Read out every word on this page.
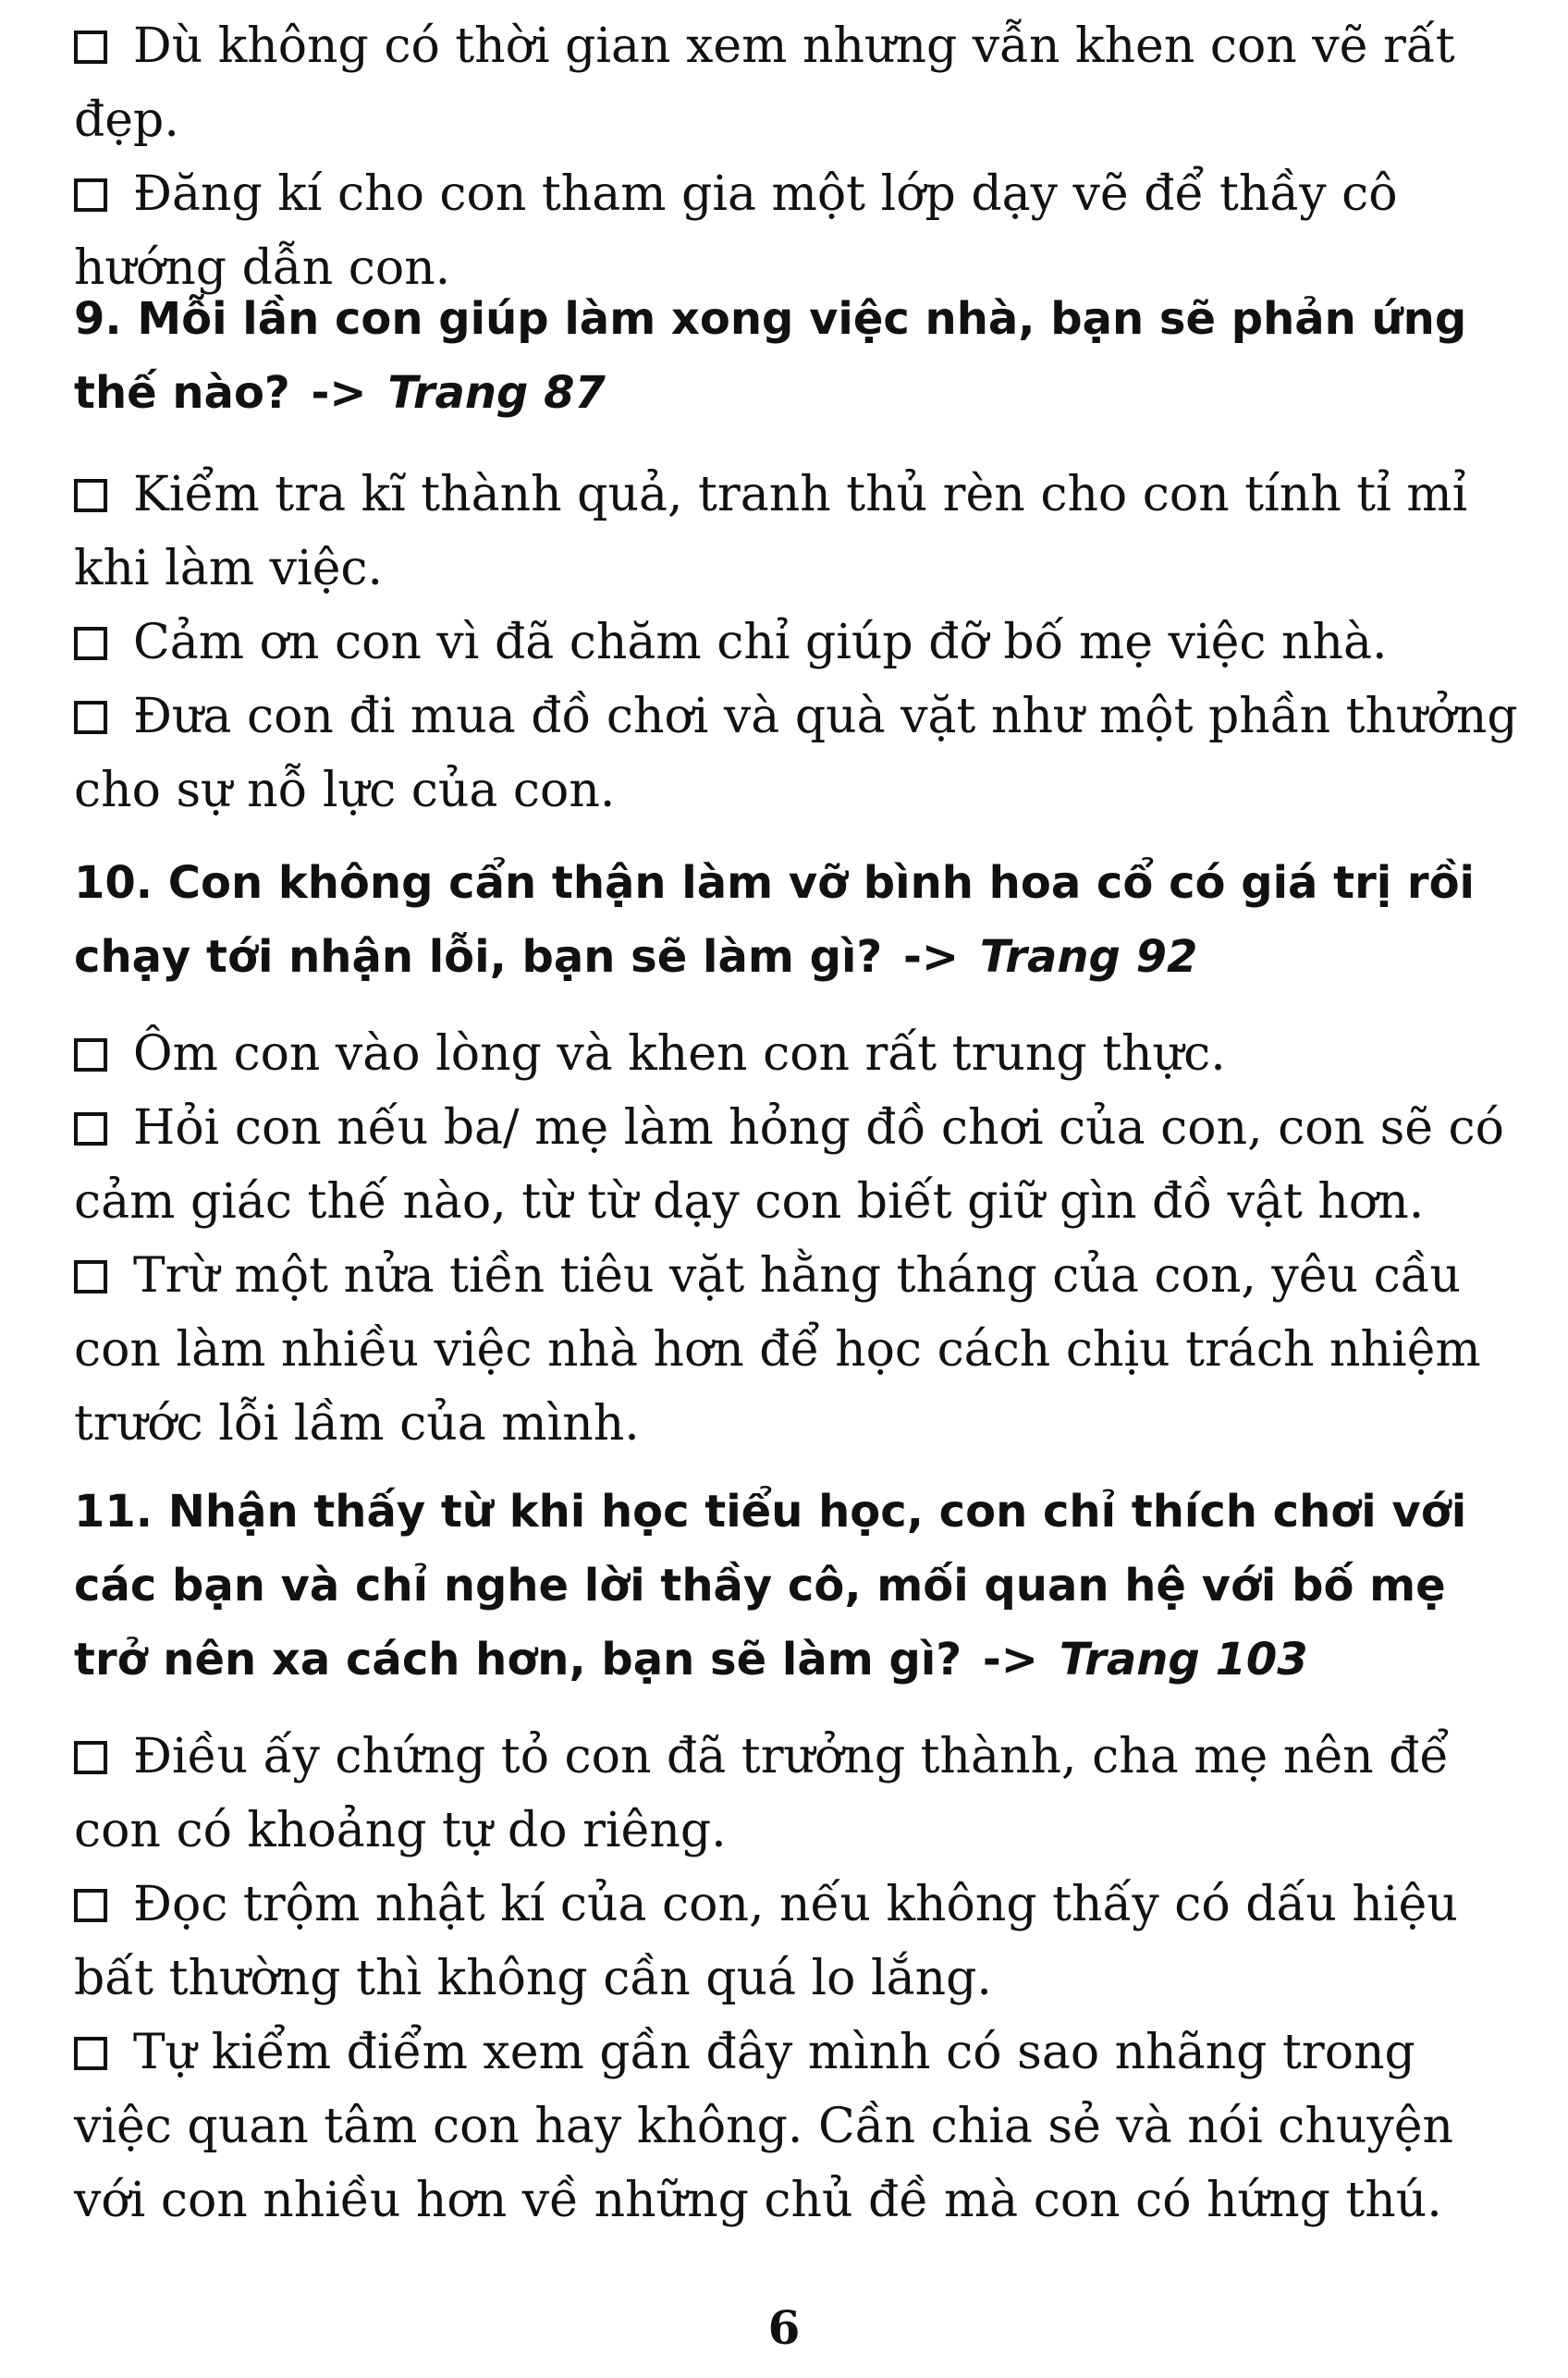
Dù không có thời gian xem nhưng vẫn khen con vẽ rất đẹp.

Đăng kí cho con tham gia một lớp dạy vẽ để thầy cô hướng dẫn con.

9. Mỗi lần con giúp làm xong việc nhà, bạn sẽ phản ứng thế nào? -> Trang 87

Kiểm tra kĩ thành quả, tranh thủ rèn cho con tính tỉ mỉ khi làm việc.

Cảm ơn con vì đã chăm chỉ giúp đỡ bố mẹ việc nhà.

Đưa con đi mua đồ chơi và quà vặt như một phần thưởng cho sự nỗ lực của con.

10. Con không cẩn thận làm vỡ bình hoa cổ có giá trị rồi chạy tới nhận lỗi, bạn sẽ làm gì? -> Trang 92

Ôm con vào lòng và khen con rất trung thực.

Hỏi con nếu ba/ mẹ làm hỏng đồ chơi của con, con sẽ có cảm giác thế nào, từ từ dạy con biết giữ gìn đồ vật hơn.

Trừ một nửa tiền tiêu vặt hằng tháng của con, yêu cầu con làm nhiều việc nhà hơn để học cách chịu trách nhiệm trước lỗi lầm của mình.

11. Nhận thấy từ khi học tiểu học, con chỉ thích chơi với các bạn và chỉ nghe lời thầy cô, mối quan hệ với bố mẹ trở nên xa cách hơn, bạn sẽ làm gì? -> Trang 103

Điều ấy chứng tỏ con đã trưởng thành, cha mẹ nên để con có khoảng tự do riêng.

Đọc trộm nhật kí của con, nếu không thấy có dấu hiệu bất thường thì không cần quá lo lắng.

Tự kiểm điểm xem gần đây mình có sao nhãng trong việc quan tâm con hay không. Cần chia sẻ và nói chuyện với con nhiều hơn về những chủ đề mà con có hứng thú.

6
